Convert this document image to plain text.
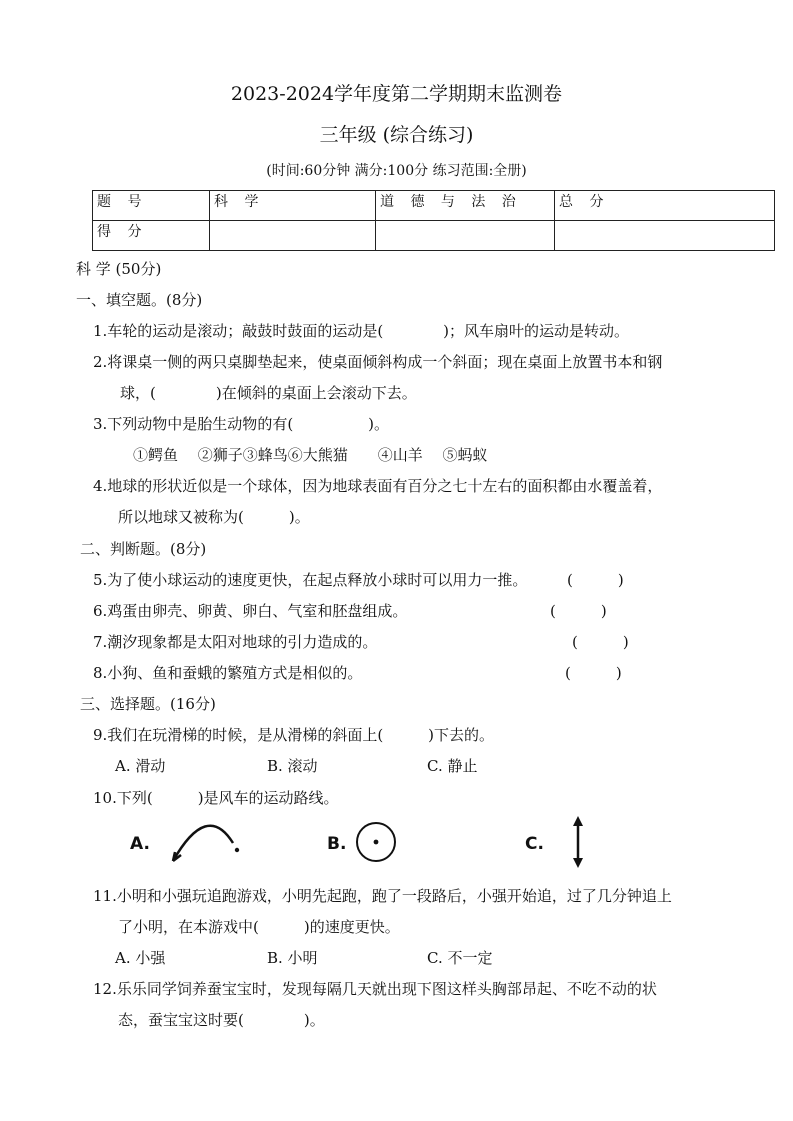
2023-2024学年度第二学期期末监测卷
三年级 (综合练习)
(时间:60分钟 满分:100分 练习范围:全册)
题 号	科 学	道 德 与 法 治	总 分
得 分			
科 学 (50分)
一、填空题。(8分)
1.车轮的运动是滚动；敲鼓时鼓面的运动是(　　　　)；风车扇叶的运动是转动。
2.将课桌一侧的两只桌脚垫起来，使桌面倾斜构成一个斜面；现在桌面上放置书本和钢
球，(　　　　)在倾斜的桌面上会滚动下去。
3.下列动物中是胎生动物的有(　　　　　)。
①鳄鱼　 ②狮子③蜂鸟⑥大熊猫　　④山羊　 ⑤蚂蚁
4.地球的形状近似是一个球体，因为地球表面有百分之七十左右的面积都由水覆盖着，
所以地球又被称为(　　　)。
二、判断题。(8分)
5.为了使小球运动的速度更快，在起点释放小球时可以用力一推。	(　　　)
6.鸡蛋由卵壳、卵黄、卵白、气室和胚盘组成。	(　　　)
7.潮汐现象都是太阳对地球的引力造成的。	(　　　)
8.小狗、鱼和蚕蛾的繁殖方式是相似的。	(　　　)
三、选择题。(16分)
9.我们在玩滑梯的时候，是从滑梯的斜面上(　　　)下去的。
A. 滑动	B. 滚动	C. 静止
10.下列(　　　)是风车的运动路线。
A.	B.	C.
11.小明和小强玩追跑游戏，小明先起跑，跑了一段路后，小强开始追，过了几分钟追上
了小明，在本游戏中(　　　)的速度更快。
A. 小强	B. 小明	C. 不一定
12.乐乐同学饲养蚕宝宝时，发现每隔几天就出现下图这样头胸部昂起、不吃不动的状
态，蚕宝宝这时要(　　　　)。
